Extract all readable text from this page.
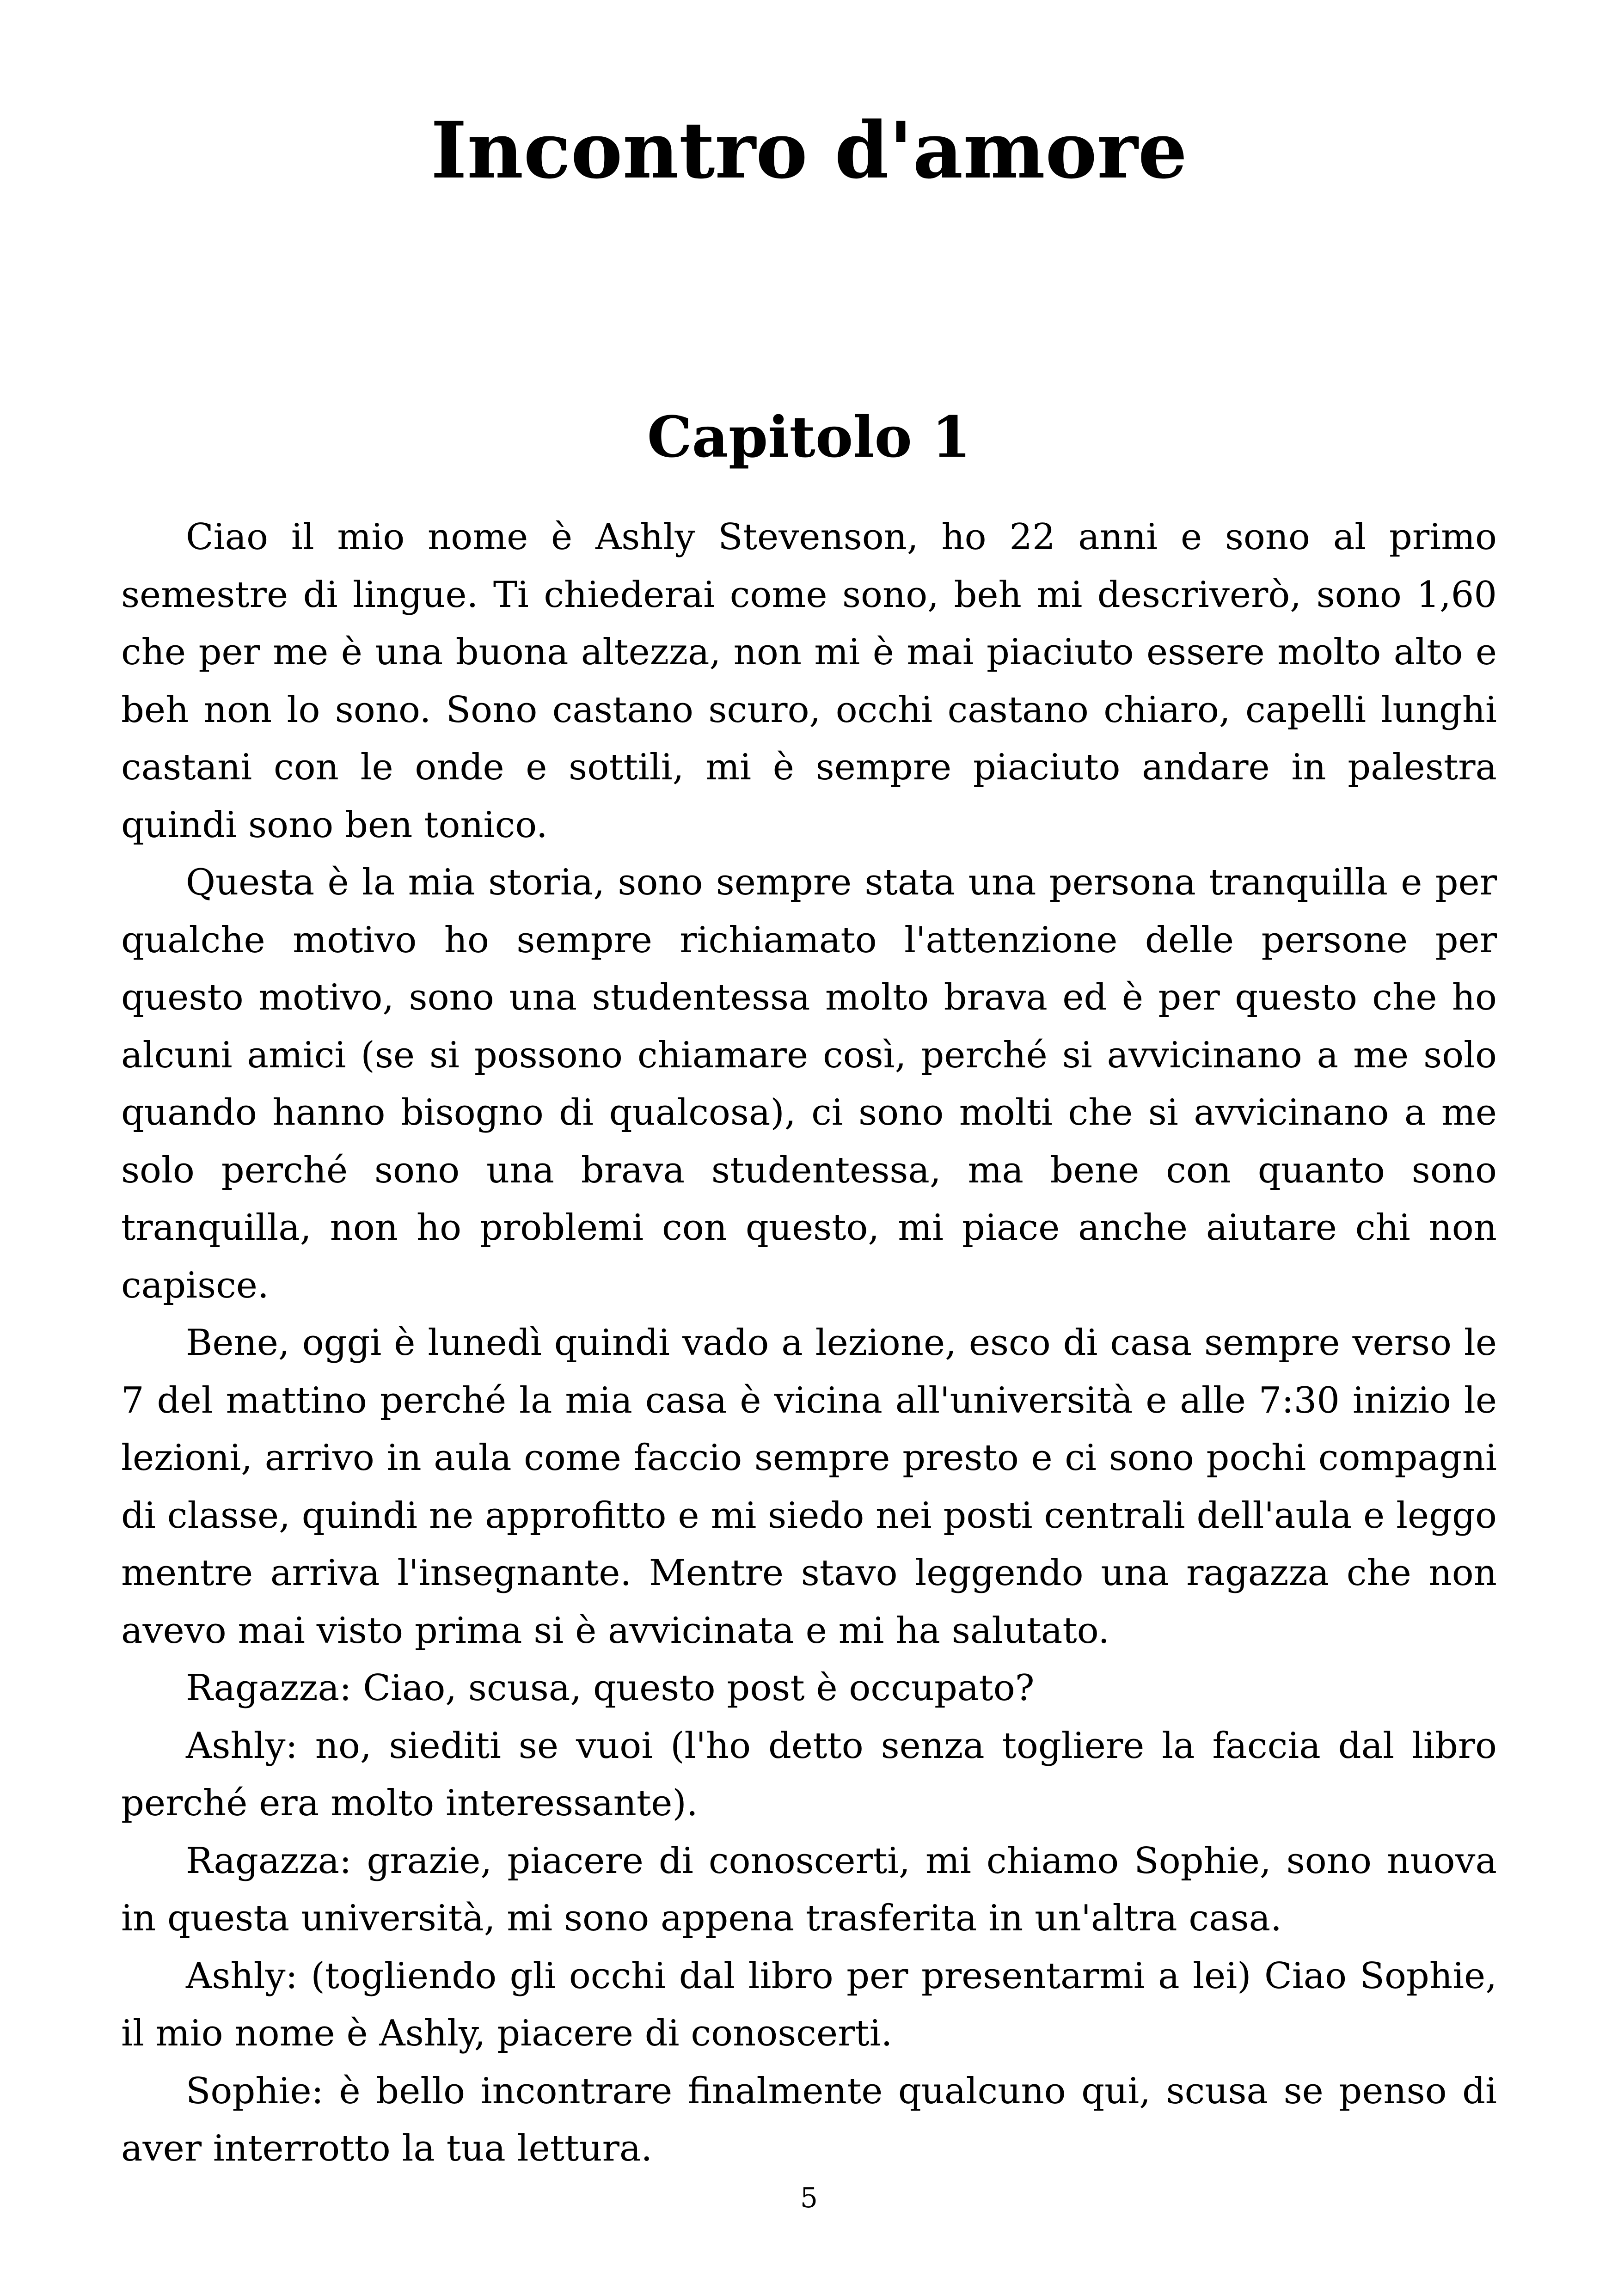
Incontro d'amore
Capitolo 1

Ciao il mio nome è Ashly Stevenson, ho 22 anni e sono al primo semestre di lingue. Ti chiederai come sono, beh mi descriverò, sono 1,60 che per me è una buona altezza, non mi è mai piaciuto essere molto alto e beh non lo sono. Sono castano scuro, occhi castano chiaro, capelli lunghi castani con le onde e sottili, mi è sempre piaciuto andare in palestra quindi sono ben tonico.

Questa è la mia storia, sono sempre stata una persona tranquilla e per qualche motivo ho sempre richiamato l'attenzione delle persone per questo motivo, sono una studentessa molto brava ed è per questo che ho alcuni amici (se si possono chiamare così, perché si avvicinano a me solo quando hanno bisogno di qualcosa), ci sono molti che si avvicinano a me solo perché sono una brava studentessa, ma bene con quanto sono tranquilla, non ho problemi con questo, mi piace anche aiutare chi non capisce.

Bene, oggi è lunedì quindi vado a lezione, esco di casa sempre verso le 7 del mattino perché la mia casa è vicina all'università e alle 7:30 inizio le lezioni, arrivo in aula come faccio sempre presto e ci sono pochi compagni di classe, quindi ne approfitto e mi siedo nei posti centrali dell'aula e leggo mentre arriva l'insegnante. Mentre stavo leggendo una ragazza che non avevo mai visto prima si è avvicinata e mi ha salutato.

Ragazza: Ciao, scusa, questo post è occupato?

Ashly: no, siediti se vuoi (l'ho detto senza togliere la faccia dal libro perché era molto interessante).

Ragazza: grazie, piacere di conoscerti, mi chiamo Sophie, sono nuova in questa università, mi sono appena trasferita in un'altra casa.

Ashly: (togliendo gli occhi dal libro per presentarmi a lei) Ciao Sophie, il mio nome è Ashly, piacere di conoscerti.

Sophie: è bello incontrare finalmente qualcuno qui, scusa se penso di aver interrotto la tua lettura.

5
